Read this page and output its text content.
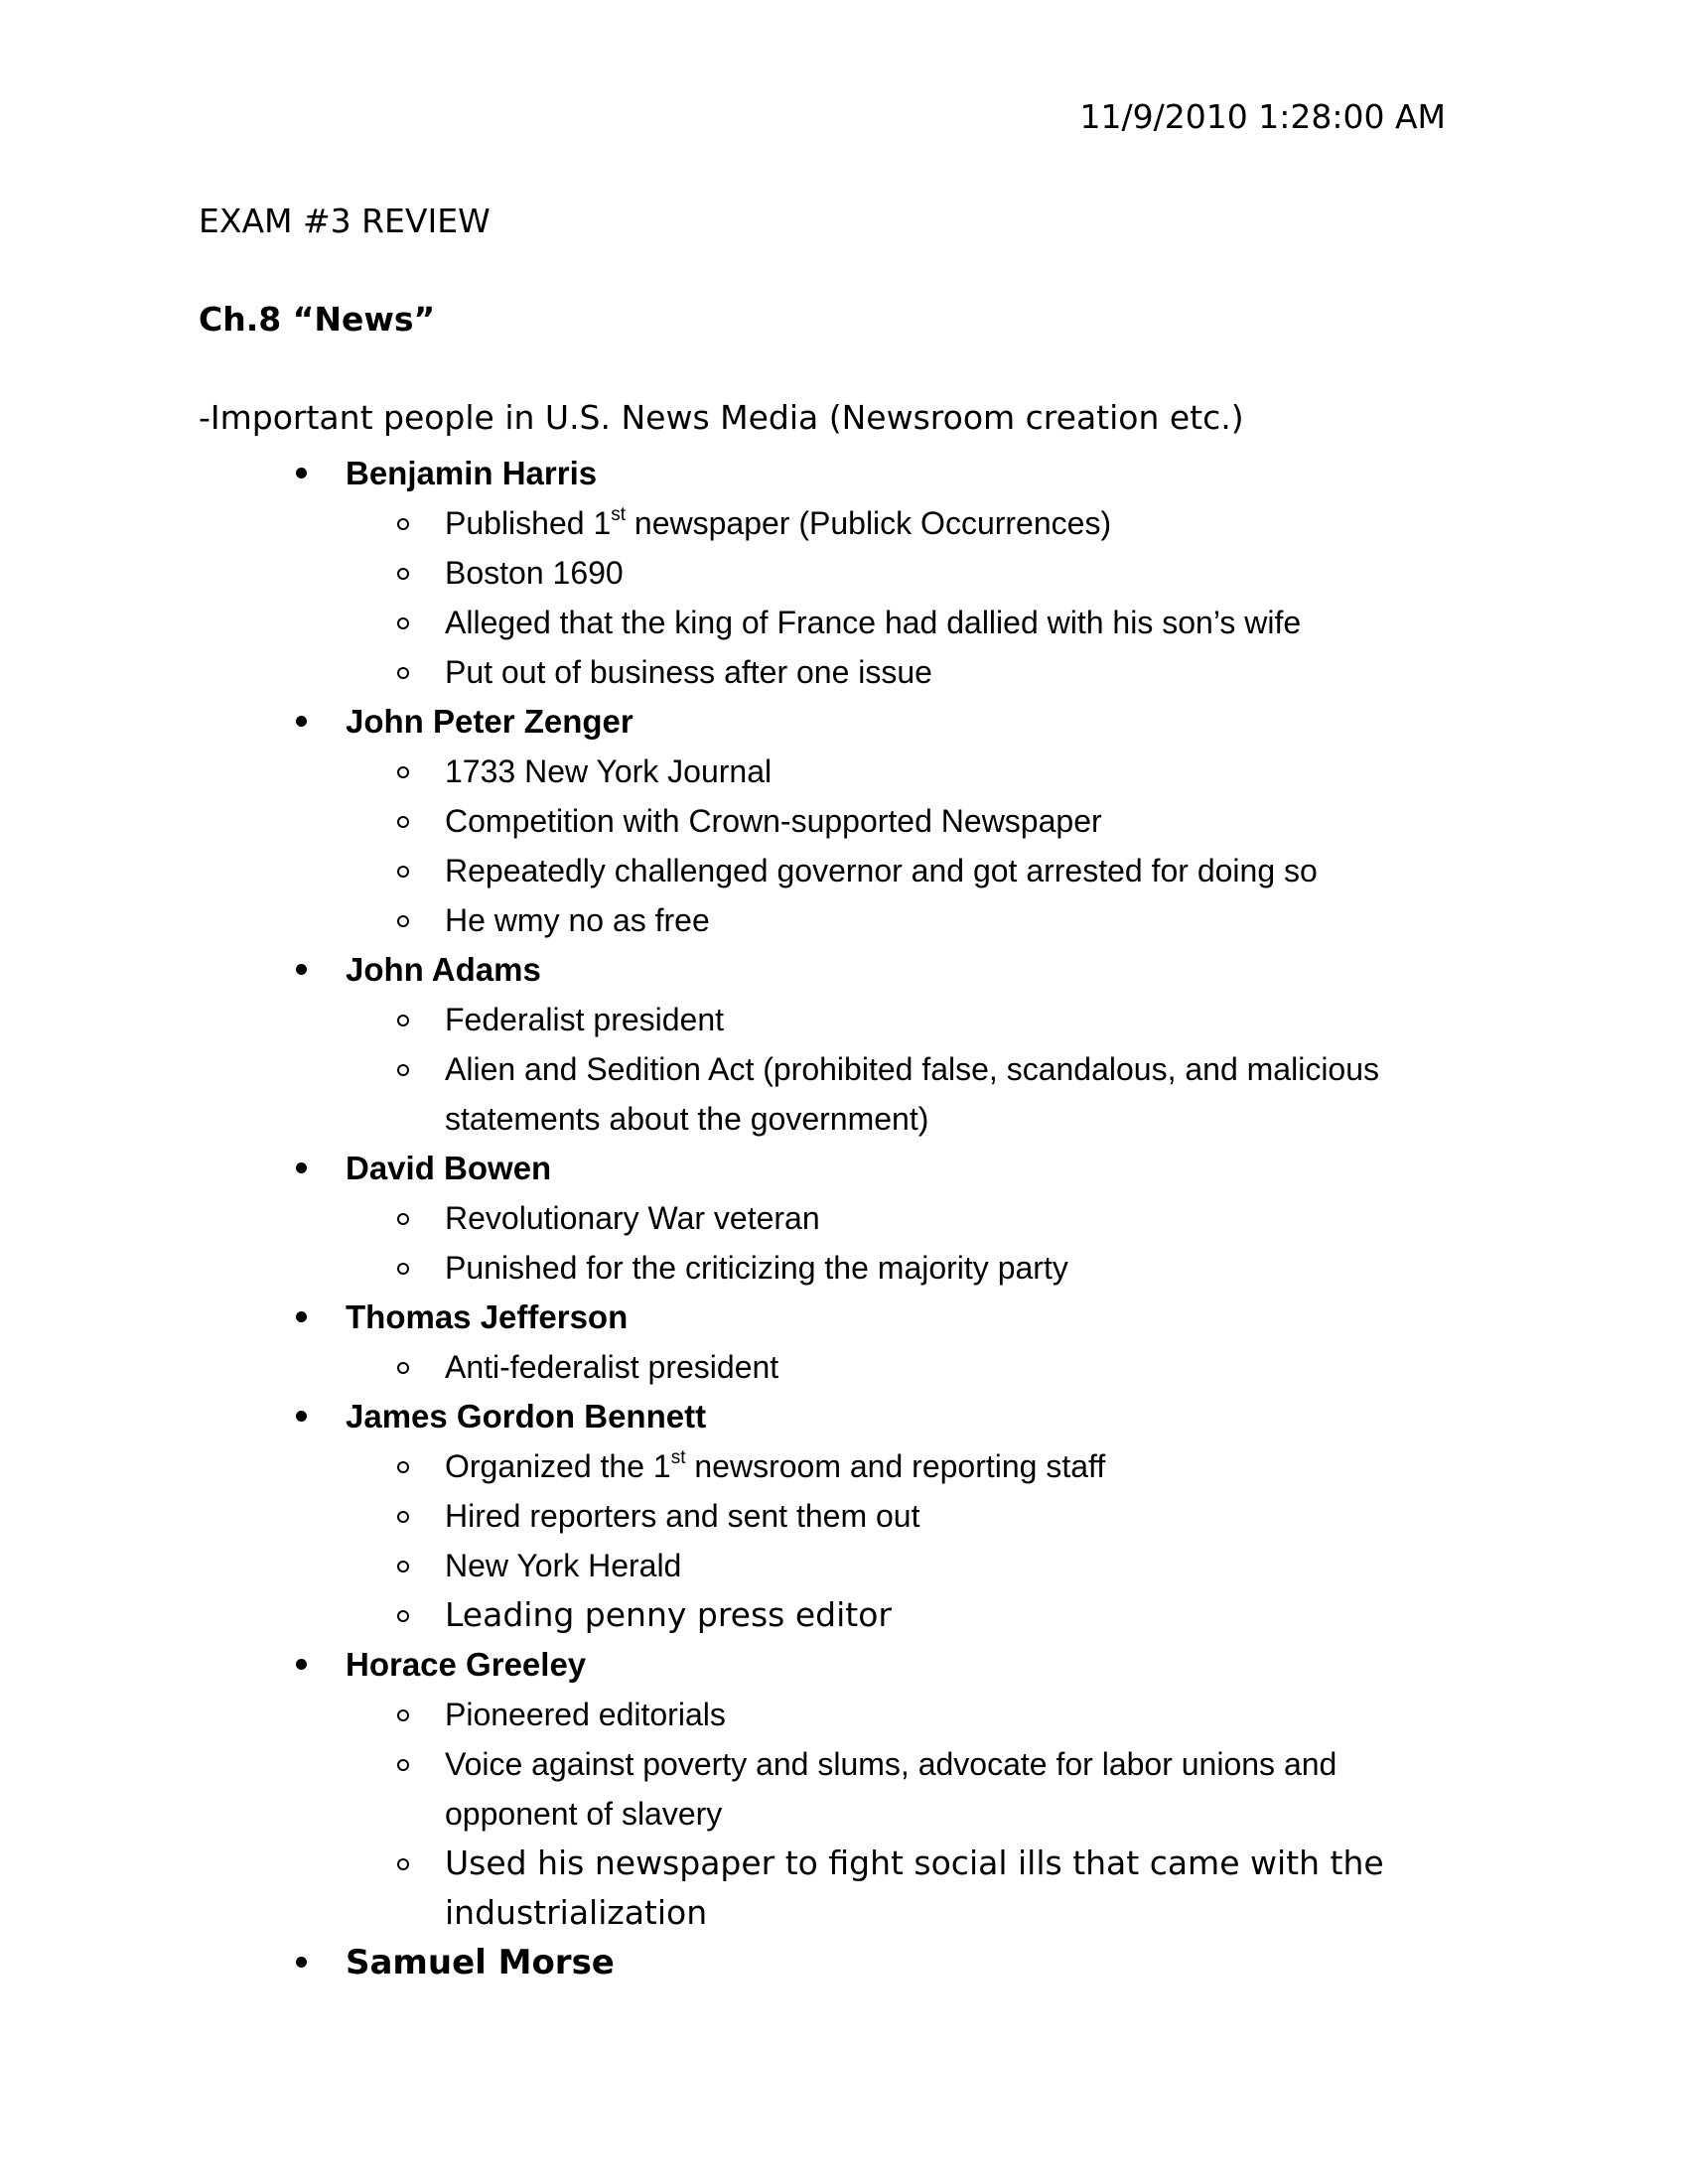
11/9/2010 1:28:00 AM
EXAM #3 REVIEW
Ch.8 “News”
-Important people in U.S. News Media (Newsroom creation etc.)
Benjamin Harris
Published 1st newspaper (Publick Occurrences)
Boston 1690
Alleged that the king of France had dallied with his son’s wife
Put out of business after one issue
John Peter Zenger
1733 New York Journal
Competition with Crown-supported Newspaper
Repeatedly challenged governor and got arrested for doing so
He wmy no as free
John Adams
Federalist president
Alien and Sedition Act (prohibited false, scandalous, and malicious statements about the government)
David Bowen
Revolutionary War veteran
Punished for the criticizing the majority party
Thomas Jefferson
Anti-federalist president
James Gordon Bennett
Organized the 1st newsroom and reporting staff
Hired reporters and sent them out
New York Herald
Leading penny press editor
Horace Greeley
Pioneered editorials
Voice against poverty and slums, advocate for labor unions and opponent of slavery
Used his newspaper to fight social ills that came with the industrialization
Samuel Morse
